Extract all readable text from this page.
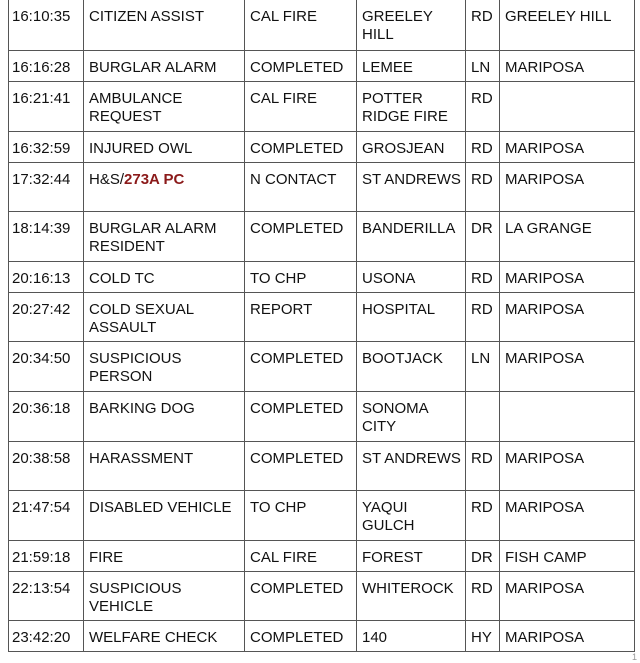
16:10:35	CITIZEN ASSIST	CAL FIRE	GREELEY HILL	RD	GREELEY HILL
16:16:28	BURGLAR ALARM	COMPLETED	LEMEE	LN	MARIPOSA
16:21:41	AMBULANCE REQUEST	CAL FIRE	POTTER RIDGE FIRE	RD	
16:32:59	INJURED OWL	COMPLETED	GROSJEAN	RD	MARIPOSA
17:32:44	H&S/273A PC	N CONTACT	ST ANDREWS	RD	MARIPOSA
18:14:39	BURGLAR ALARM RESIDENT	COMPLETED	BANDERILLA	DR	LA GRANGE
20:16:13	COLD TC	TO CHP	USONA	RD	MARIPOSA
20:27:42	COLD SEXUAL ASSAULT	REPORT	HOSPITAL	RD	MARIPOSA
20:34:50	SUSPICIOUS PERSON	COMPLETED	BOOTJACK	LN	MARIPOSA
20:36:18	BARKING DOG	COMPLETED	SONOMA CITY		
20:38:58	HARASSMENT	COMPLETED	ST ANDREWS	RD	MARIPOSA
21:47:54	DISABLED VEHICLE	TO CHP	YAQUI GULCH	RD	MARIPOSA
21:59:18	FIRE	CAL FIRE	FOREST	DR	FISH CAMP
22:13:54	SUSPICIOUS VEHICLE	COMPLETED	WHITEROCK	RD	MARIPOSA
23:42:20	WELFARE CHECK	COMPLETED	140	HY	MARIPOSA
1
